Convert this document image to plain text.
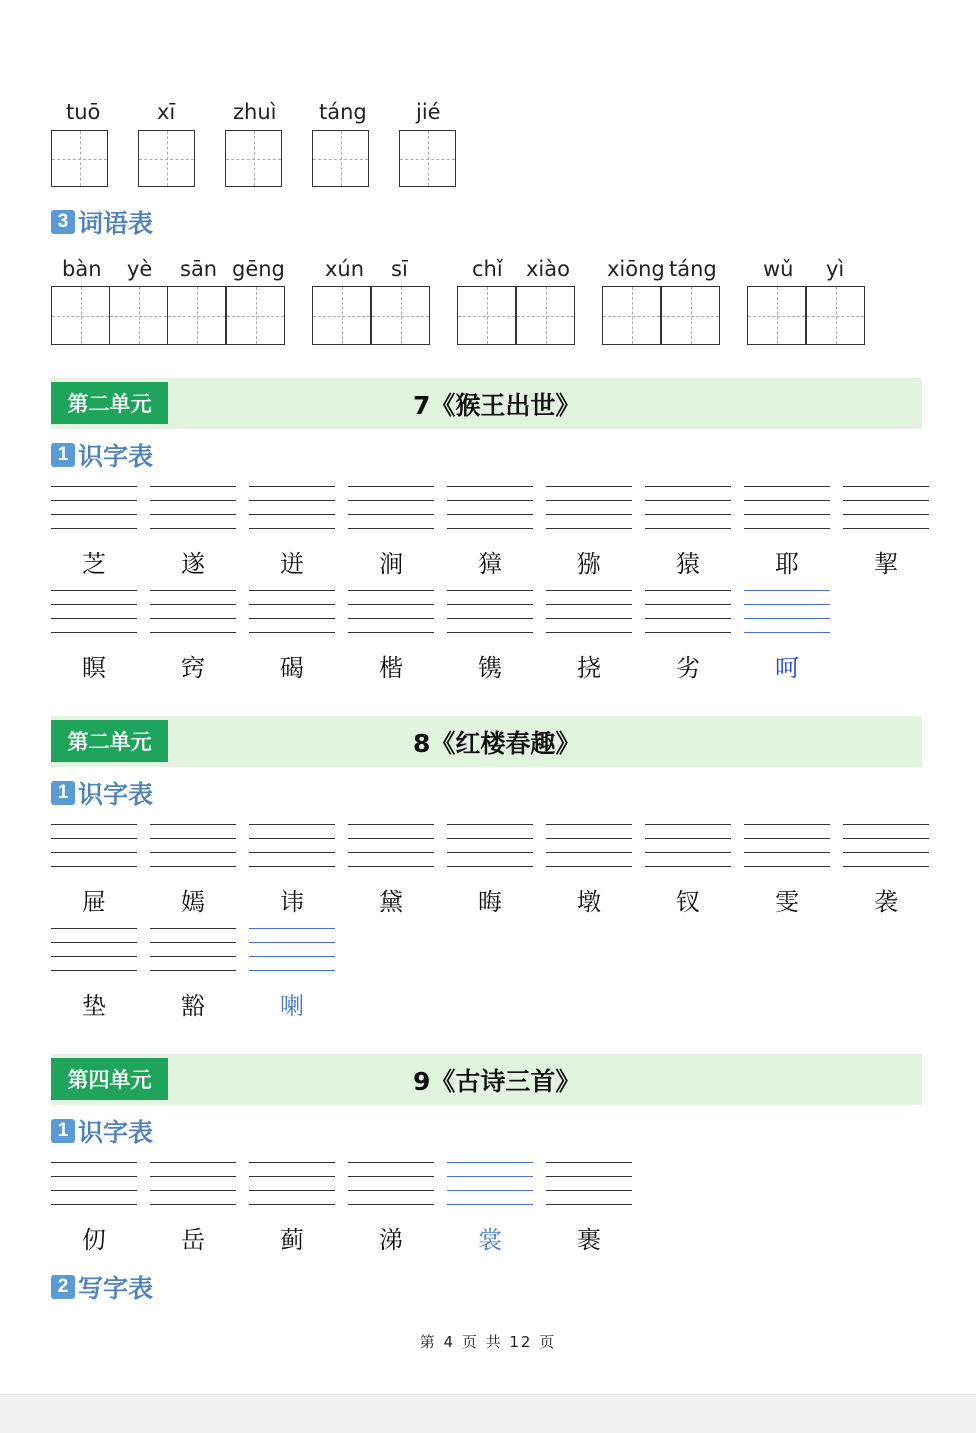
tuō	xī	zhuì táng jié
3 词语表
bàn yè sān gēng xún sī	chǐ xiào xiōng táng wǔ yì
第二单元	7《猴王出世》
1 识字表
芝	遂	迸	涧	獐	猕	猿	耶	挈
瞑	窍	碣	楷	镌	挠	劣	呵
第二单元	8《红楼春趣》
1 识字表
屉	嫣	讳	黛	晦	墩	钗	雯	袭
垫	豁	喇
第四单元	9《古诗三首》
1 识字表
仞	岳	蓟	涕	裳	裹
2 写字表
第 4 页 共 12 页
